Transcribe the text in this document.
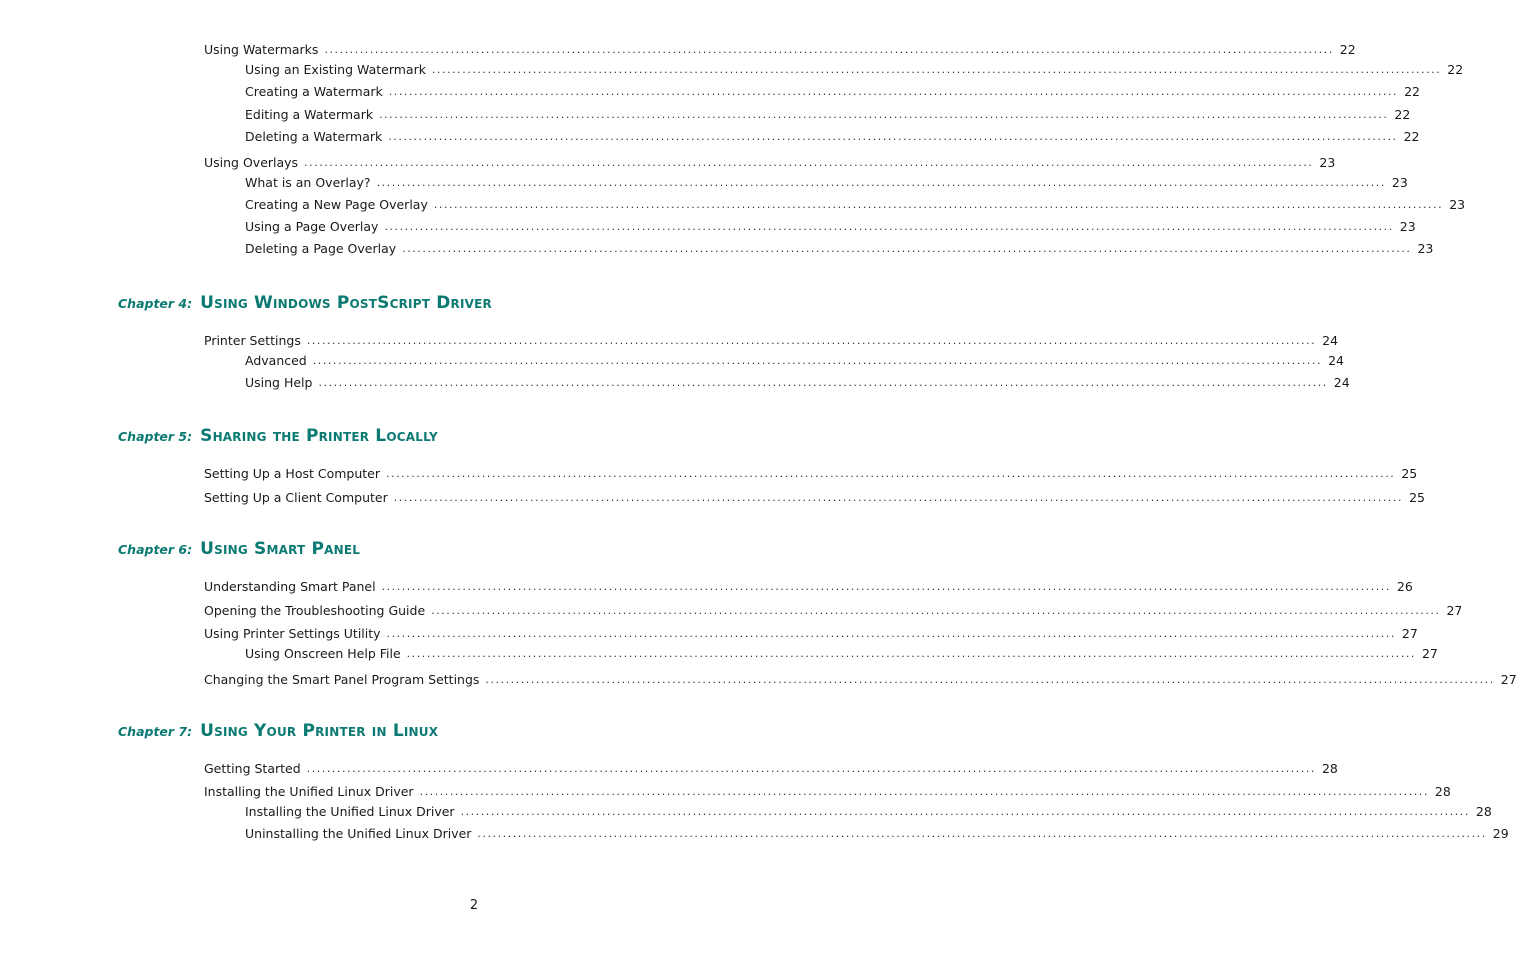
Using Watermarks ........................................................................................................................................................................................................ 22
Using an Existing Watermark ........................................................................................................................................................................................................ 22
Creating a Watermark ........................................................................................................................................................................................................ 22
Editing a Watermark ........................................................................................................................................................................................................ 22
Deleting a Watermark ........................................................................................................................................................................................................ 22
Using Overlays ........................................................................................................................................................................................................ 23
What is an Overlay? ........................................................................................................................................................................................................ 23
Creating a New Page Overlay ........................................................................................................................................................................................................ 23
Using a Page Overlay ........................................................................................................................................................................................................ 23
Deleting a Page Overlay ........................................................................................................................................................................................................ 23
Chapter 4: Using Windows PostScript Driver
Printer Settings ........................................................................................................................................................................................................ 24
Advanced ........................................................................................................................................................................................................ 24
Using Help ........................................................................................................................................................................................................ 24
Chapter 5: Sharing the Printer Locally
Setting Up a Host Computer ........................................................................................................................................................................................................ 25
Setting Up a Client Computer ........................................................................................................................................................................................................ 25
Chapter 6: Using Smart Panel
Understanding Smart Panel ........................................................................................................................................................................................................ 26
Opening the Troubleshooting Guide ........................................................................................................................................................................................................ 27
Using Printer Settings Utility ........................................................................................................................................................................................................ 27
Using Onscreen Help File ........................................................................................................................................................................................................ 27
Changing the Smart Panel Program Settings ........................................................................................................................................................................................................ 27
Chapter 7: Using Your Printer in Linux
Getting Started ........................................................................................................................................................................................................ 28
Installing the Unified Linux Driver ........................................................................................................................................................................................................ 28
Installing the Unified Linux Driver ........................................................................................................................................................................................................ 28
Uninstalling the Unified Linux Driver ........................................................................................................................................................................................................ 29
2
